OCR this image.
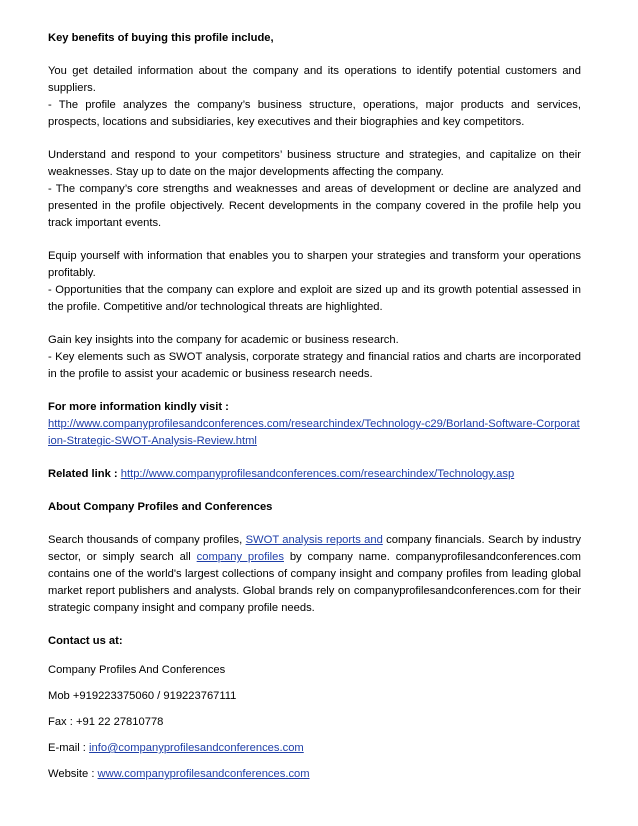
Key benefits of buying this profile include,

You get detailed information about the company and its operations to identify potential customers and suppliers.

- The profile analyzes the company’s business structure, operations, major products and services, prospects, locations and subsidiaries, key executives and their biographies and key competitors.

Understand and respond to your competitors’ business structure and strategies, and capitalize on their weaknesses. Stay up to date on the major developments affecting the company.

- The company’s core strengths and weaknesses and areas of development or decline are analyzed and presented in the profile objectively. Recent developments in the company covered in the profile help you track important events.

Equip yourself with information that enables you to sharpen your strategies and transform your operations profitably.

- Opportunities that the company can explore and exploit are sized up and its growth potential assessed in the profile. Competitive and/or technological threats are highlighted.

Gain key insights into the company for academic or business research.

- Key elements such as SWOT analysis, corporate strategy and financial ratios and charts are incorporated in the profile to assist your academic or business research needs.

For more information kindly visit :

http://www.companyprofilesandconferences.com/researchindex/Technology-c29/Borland-Software-Corporation-Strategic-SWOT-Analysis-Review.html

Related link : http://www.companyprofilesandconferences.com/researchindex/Technology.asp

About Company Profiles and Conferences

Search thousands of company profiles, SWOT analysis reports and company financials. Search by industry sector, or simply search all company profiles by company name. companyprofilesandconferences.com contains one of the world's largest collections of company insight and company profiles from leading global market report publishers and analysts. Global brands rely on companyprofilesandconferences.com for their strategic company insight and company profile needs.

Contact us at:

Company Profiles And Conferences

Mob +919223375060 / 919223767111

Fax : +91 22 27810778

E-mail : info@companyprofilesandconferences.com

Website : www.companyprofilesandconferences.com
